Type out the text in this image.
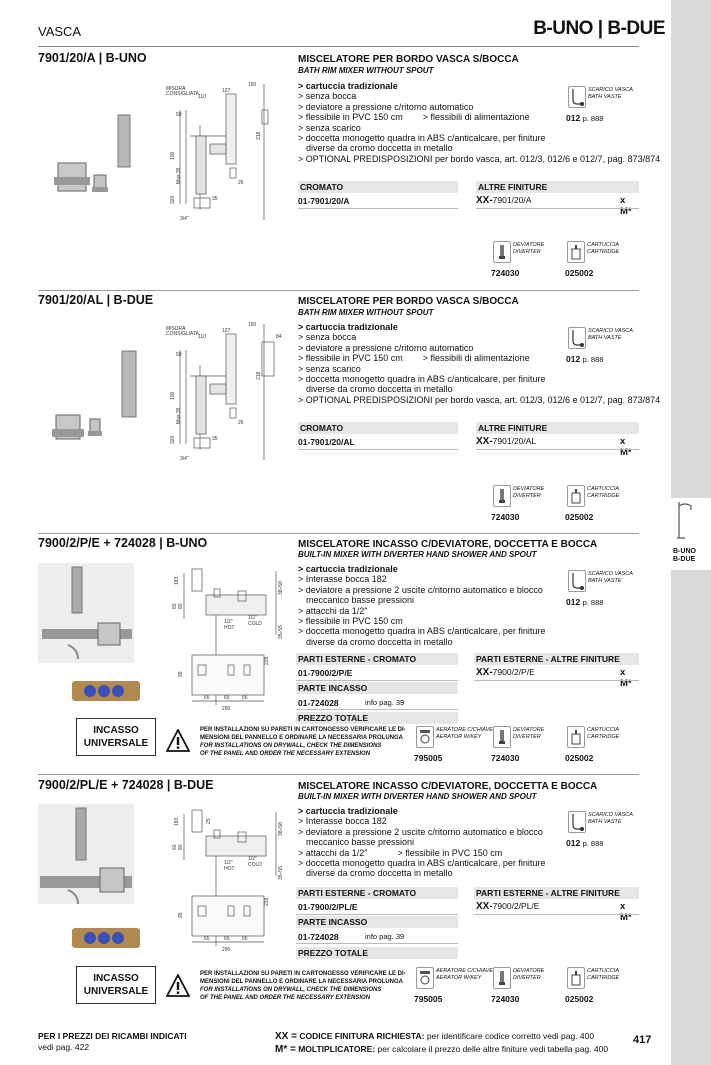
B-UNO
B-DUE
VASCA	B-UNO | B-DUE
7901/20/A | B-UNO	MISCELATORE PER BORDO VASCA S/BOCCA
BATH RIM MIXER WITHOUT SPOUT
> cartuccia tradizionale
> senza bocca
> deviatore a pressione c/ritorno automatico
> flessibile in PVC 150 cm > flessibili di alimentazione
> senza scarico
> doccetta monogetto quadra in ABS c/anticalcare, per finiture
diverse da cromo doccetta in metallo
> OPTIONAL PREDISPOSIZIONI per bordo vasca, art. 012/3, 012/6 e 012/7, pag. 873/874
SCARICO VASCA
BATH VASTE
012 p. 888
CROMATO	ALTRE FINITURE
01-7901/20/A	XX-7901/20/A	x M*
DEVIATORE
DIVERTER
724030
CARTUCCIA
CARTRIDGE
025002
MISURA
CONSIGLIATA 110
127
150
50
100
Max 35
320
218
26
35
3/4"
7901/20/AL | B-DUE	MISCELATORE PER BORDO VASCA S/BOCCA
BATH RIM MIXER WITHOUT SPOUT
> cartuccia tradizionale
> senza bocca
> deviatore a pressione c/ritorno automatico
> flessibile in PVC 150 cm > flessibili di alimentazione
> senza scarico
> doccetta monogetto quadra in ABS c/anticalcare, per finiture
diverse da cromo doccetta in metallo
> OPTIONAL PREDISPOSIZIONI per bordo vasca, art. 012/3, 012/6 e 012/7, pag. 873/874
SCARICO VASCA
BATH VASTE
012 p. 888
CROMATO	ALTRE FINITURE
01-7901/20/AL	XX-7901/20/AL	x M*
DEVIATORE
DIVERTER
724030
CARTUCCIA
CARTRIDGE
025002
MISURA
CONSIGLIATA 110
127
150
84
50
100
Max 35
320
218
26
35
3/4"
7900/2/P/E + 724028 | B-UNO	MISCELATORE INCASSO C/DEVIATORE, DOCCETTA E BOCCA
BUILT-IN MIXER WITH DIVERTER HAND SHOWER AND SPOUT
> cartuccia tradizionale
> Interasse bocca 182
> deviatore a pressione 2 uscite c/ritorno automatico e blocco
meccanico basse pressioni
> attacchi da 1/2"
> flessibile in PVC 150 cm
> doccetta monogetto quadra in ABS c/anticalcare, per finiture
diverse da cromo doccetta in metallo
SCARICO VASCA
BATH VASTE
012 p. 888
PARTI ESTERNE - CROMATO	PARTI ESTERNE - ALTRE FINITURE
01-7900/2/P/E	XX-7900/2/P/E	x M*
PARTE INCASSO
01-724028	info pag. 39
PREZZO TOTALE
INCASSO
UNIVERSALE
PER INSTALLAZIONI SU PARETI IN CARTONGESSO VERIFICARE LE DI-
MENSIONI DEL PANNELLO E ORDINARE LA NECESSARIA PROLUNGA
FOR INSTALLATIONS ON DRYWALL, CHECK THE DIMENSIONS
OF THE PANEL AND ORDER THE NECESSARY EXTENSION
AERATORE C/CHIAVE
AERATOR W/KEY
795005
DEVIATORE
DIVERTER
724030
CARTUCCIA
CARTRIDGE
025002
183
60 80
38÷58
1/2"
HOT
1/2"
COLD
35÷55
228
95
65	65 65
290
7900/2/PL/E + 724028 | B-DUE	MISCELATORE INCASSO C/DEVIATORE, DOCCETTA E BOCCA
BUILT-IN MIXER WITH DIVERTER HAND SHOWER AND SPOUT
> cartuccia tradizionale
> Interasse bocca 182
> deviatore a pressione 2 uscite c/ritorno automatico e blocco
meccanico basse pressioni
> attacchi da 1/2"	> flessibile in PVC 150 cm
> doccetta monogetto quadra in ABS c/anticalcare, per finiture
diverse da cromo doccetta in metallo
SCARICO VASCA
BATH VASTE
012 p. 888
PARTI ESTERNE - CROMATO	PARTI ESTERNE - ALTRE FINITURE
01-7900/2/PL/E	XX-7900/2/PL/E	x M*
PARTE INCASSO
01-724028	info pag. 39
PREZZO TOTALE
INCASSO
UNIVERSALE
PER INSTALLAZIONI SU PARETI IN CARTONGESSO VERIFICARE LE DI-
MENSIONI DEL PANNELLO E ORDINARE LA NECESSARIA PROLUNGA
FOR INSTALLATIONS ON DRYWALL, CHECK THE DIMENSIONS
OF THE PANEL AND ORDER THE NECESSARY EXTENSION
AERATORE C/CHIAVE
AERATOR W/KEY
795005
DEVIATORE
DIVERTER
724030
CARTUCCIA
CARTRIDGE
025002
183
60 80
25
38÷58
1/2"
HOT
1/2"
COLD
35÷55
228
95
65	65 65
290
PER I PREZZI DEI RICAMBI INDICATI
vedi pag. 422
XX = CODICE FINITURA RICHIESTA: per identificare codice corretto vedi pag. 400
M* = MOLTIPLICATORE: per calcolare il prezzo delle altre finiture vedi tabella pag. 400
417
